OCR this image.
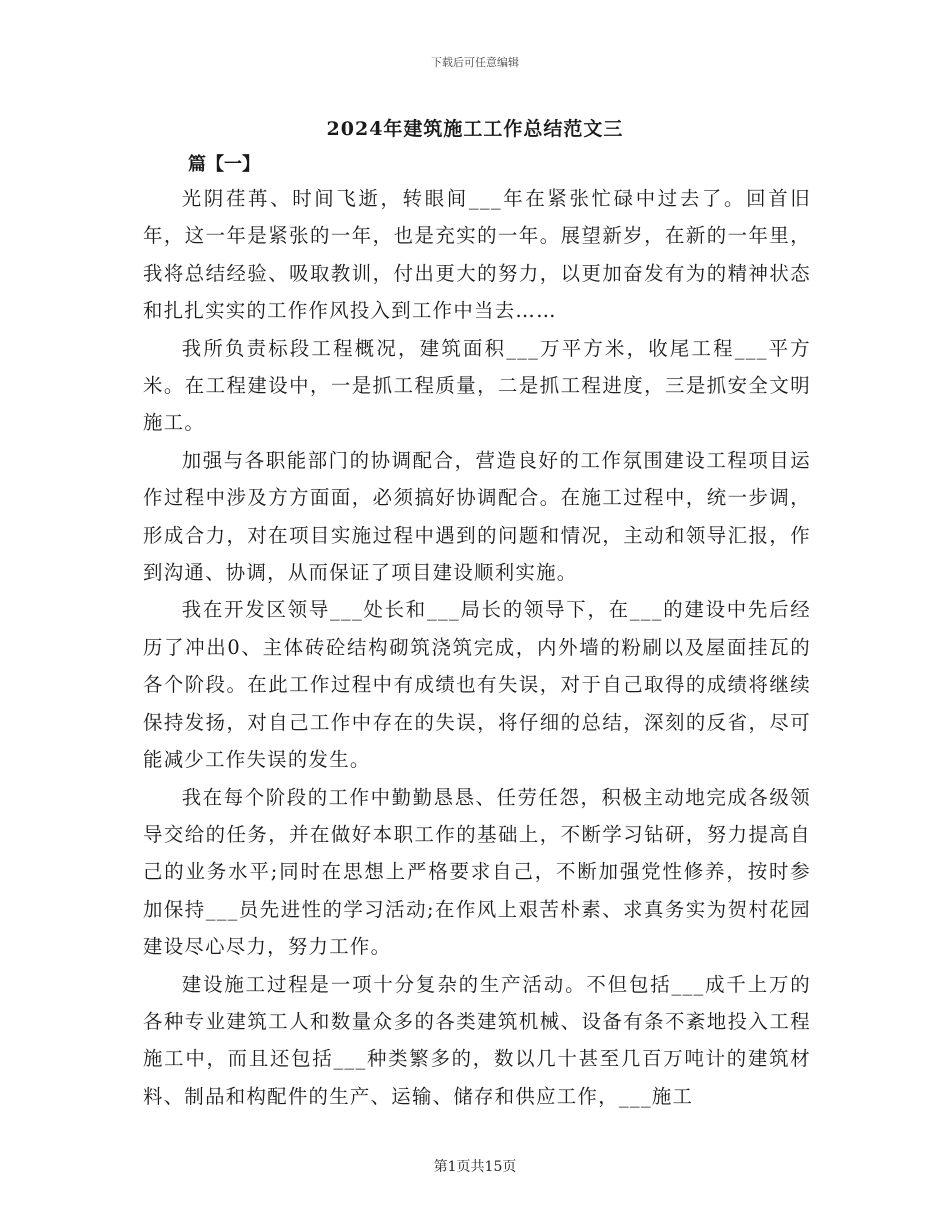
下载后可任意编辑
2024年建筑施工工作总结范文三
篇【一】

光阴荏苒、时间飞逝，转眼间___年在紧张忙碌中过去了。回首旧年，这一年是紧张的一年，也是充实的一年。展望新岁，在新的一年里，我将总结经验、吸取教训，付出更大的努力，以更加奋发有为的精神状态和扎扎实实的工作作风投入到工作中当去……

我所负责标段工程概况，建筑面积___万平方米，收尾工程___平方米。在工程建设中，一是抓工程质量，二是抓工程进度，三是抓安全文明施工。

加强与各职能部门的协调配合，营造良好的工作氛围建设工程项目运作过程中涉及方方面面，必须搞好协调配合。在施工过程中，统一步调，形成合力，对在项目实施过程中遇到的问题和情况，主动和领导汇报，作到沟通、协调，从而保证了项目建设顺利实施。

我在开发区领导___处长和___局长的领导下，在___的建设中先后经历了冲出0、主体砖砼结构砌筑浇筑完成，内外墙的粉刷以及屋面挂瓦的各个阶段。在此工作过程中有成绩也有失误，对于自己取得的成绩将继续保持发扬，对自己工作中存在的失误，将仔细的总结，深刻的反省，尽可能减少工作失误的发生。

我在每个阶段的工作中勤勤恳恳、任劳任怨，积极主动地完成各级领导交给的任务，并在做好本职工作的基础上，不断学习钻研，努力提高自己的业务水平;同时在思想上严格要求自己，不断加强党性修养，按时参加保持___员先进性的学习活动;在作风上艰苦朴素、求真务实为贺村花园建设尽心尽力，努力工作。

建设施工过程是一项十分复杂的生产活动。不但包括___成千上万的各种专业建筑工人和数量众多的各类建筑机械、设备有条不紊地投入工程施工中，而且还包括___种类繁多的，数以几十甚至几百万吨计的建筑材料、制品和构配件的生产、运输、储存和供应工作，___施工

第1页共15页
